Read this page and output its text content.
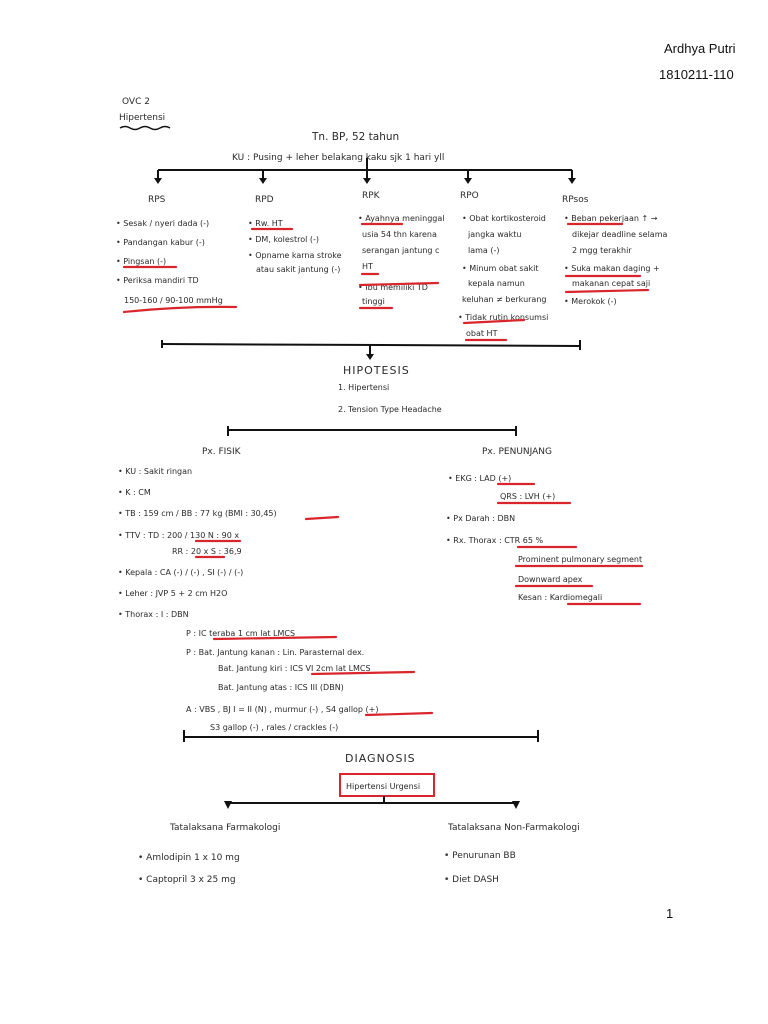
Ardhya Putri
1810211-110
1
OVC 2
Hipertensi
Tn. BP, 52 tahun
KU : Pusing + leher belakang kaku sjk 1 hari yll
RPS	RPD	RPK	RPO	RPsos
• Sesak / nyeri dada (-)
• Pandangan kabur (-)
• Pingsan (-)
• Periksa mandiri TD
150-160 / 90-100 mmHg
• Rw. HT
• DM, kolestrol (-)
• Opname karna stroke
atau sakit jantung (-)
• Ayahnya meninggal
usia 54 thn karena
serangan jantung c
HT
• Ibu memiliki TD
tinggi
• Obat kortikosteroid
jangka waktu
lama (-)
• Minum obat sakit
kepala namun
keluhan ≠ berkurang
• Tidak rutin konsumsi
obat HT
• Beban pekerjaan ↑ →
dikejar deadline selama
2 mgg terakhir
• Suka makan daging +
makanan cepat saji
• Merokok (-)
HIPOTESIS
1. Hipertensi
2. Tension Type Headache
Px. FISIK	Px. PENUNJANG
• KU : Sakit ringan
• K : CM
• TB : 159 cm / BB : 77 kg (BMI : 30,45)
• TTV : TD : 200 / 130 N : 90 x
RR : 20 x S : 36,9
• Kepala : CA (-) / (-) , SI (-) / (-)
• Leher : JVP 5 + 2 cm H2O
• Thorax : I : DBN
P : IC teraba 1 cm lat LMCS
P : Bat. Jantung kanan : Lin. Parasternal dex.
Bat. Jantung kiri : ICS VI 2cm lat LMCS
Bat. Jantung atas : ICS III (DBN)
A : VBS , BJ I = II (N) , murmur (-) , S4 gallop (+)
S3 gallop (-) , rales / crackles (-)
• EKG : LAD (+)
QRS : LVH (+)
• Px Darah : DBN
• Rx. Thorax : CTR 65 %
Prominent pulmonary segment
Downward apex
Kesan : Kardiomegali
DIAGNOSIS
Hipertensi Urgensi
Tatalaksana Farmakologi	Tatalaksana Non-Farmakologi
• Amlodipin 1 x 10 mg
• Captopril 3 x 25 mg
• Penurunan BB
• Diet DASH
